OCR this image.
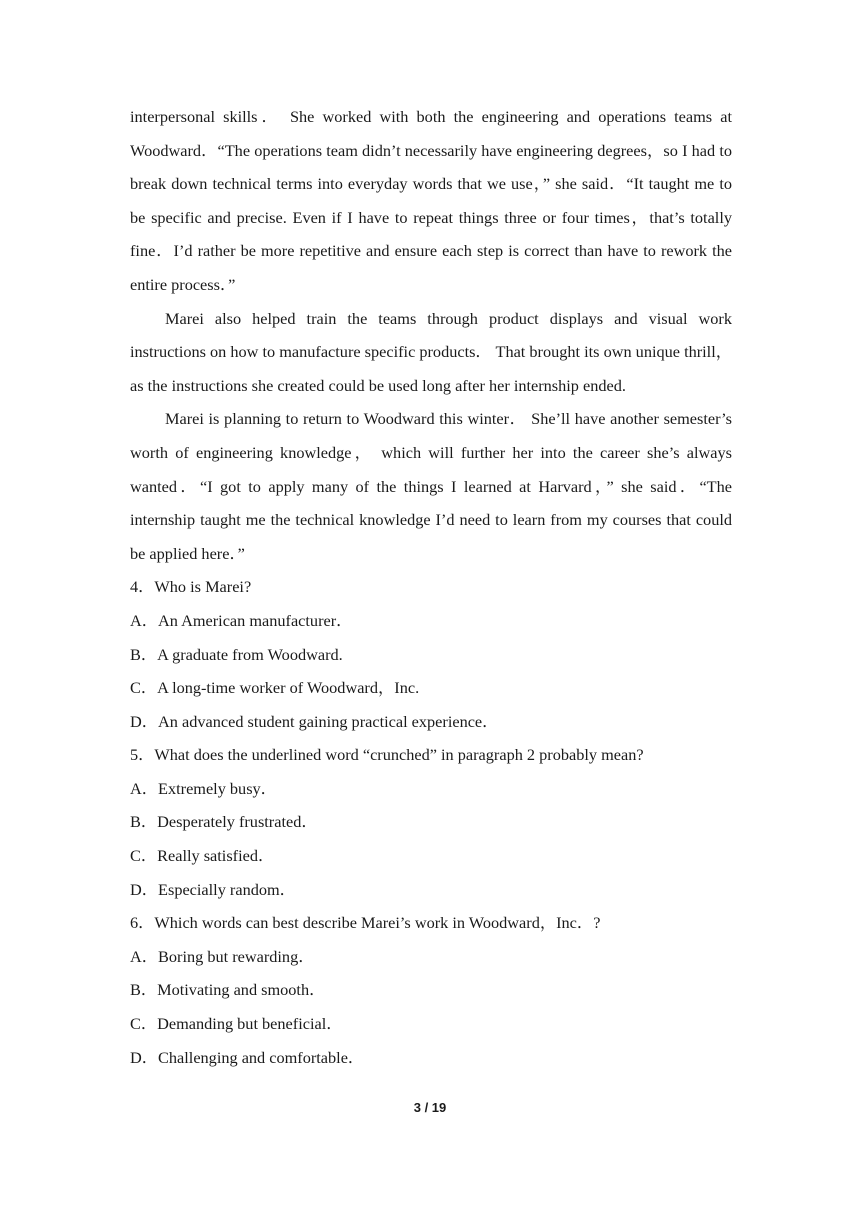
interpersonal skills． She worked with both the engineering and operations teams at Woodward．“The operations team didn’t necessarily have engineering degrees，so I had to break down technical terms into everyday words that we use，” she said．“It taught me to be specific and precise. Even if I have to repeat things three or four times，that’s totally fine．I’d rather be more repetitive and ensure each step is correct than have to rework the entire process．”

Marei also helped train the teams through product displays and visual work instructions on how to manufacture specific products． That brought its own unique thrill，as the instructions she created could be used long after her internship ended.

Marei is planning to return to Woodward this winter． She’ll have another semester’s worth of engineering knowledge， which will further her into the career she’s always wanted．“I got to apply many of the things I learned at Harvard，” she said．“The internship taught me the technical knowledge I’d need to learn from my courses that could be applied here．”

4．Who is Marei?

A．An American manufacturer．

B．A graduate from Woodward.

C．A long-time worker of Woodward，Inc.

D．An advanced student gaining practical experience．

5．What does the underlined word “crunched” in paragraph 2 probably mean?

A．Extremely busy．

B．Desperately frustrated．

C．Really satisfied．

D．Especially random．

6．Which words can best describe Marei’s work in Woodward，Inc．?

A．Boring but rewarding．

B．Motivating and smooth．

C．Demanding but beneficial．

D．Challenging and comfortable．

3 / 19
